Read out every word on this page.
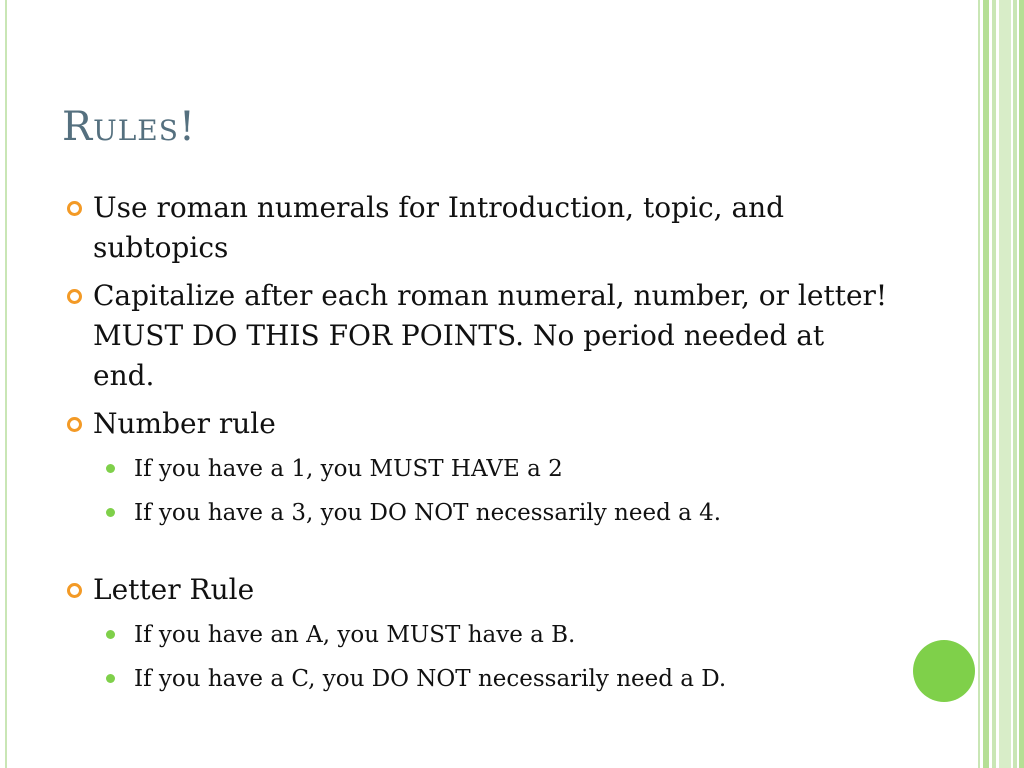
Rules!
Use roman numerals for Introduction, topic, and subtopics
Capitalize after each roman numeral, number, or letter! MUST DO THIS FOR POINTS. No period needed at end.
Number rule
If you have a 1, you MUST HAVE a 2
If you have a 3, you DO NOT necessarily need a 4.
Letter Rule
If you have an A, you MUST have a B.
If you have a C, you DO NOT necessarily need a D.
